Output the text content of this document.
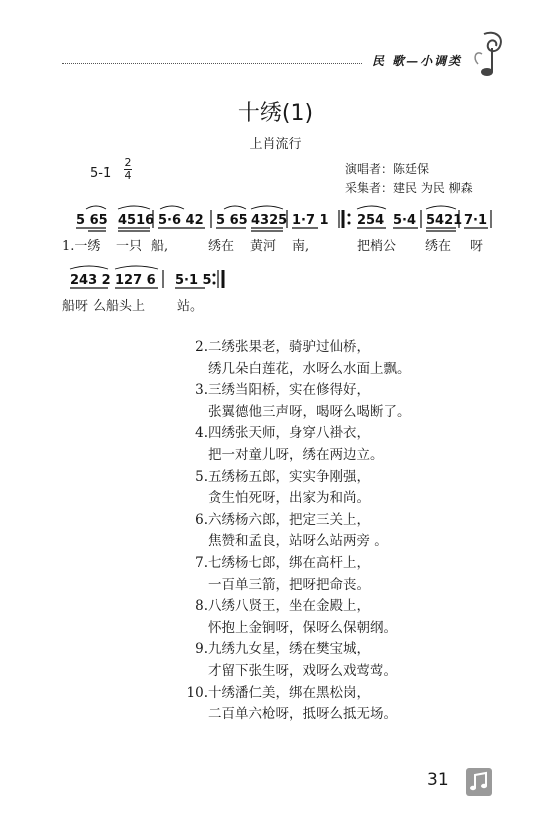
民 歌—小调类
十绣(1)
上肖流行
5-1̇
2
4	演唱者：陈廷保
采集者：建民 为民 柳森
5 65 4516 5·6 42 5 65 4325 1·7 1 254 5·4 5421 7·1
243 2 127 6 5·1 5
1.一绣 一只 船,	绣在 黄河 南,	把梢公 绣在 呀
船呀 么船头上 站。
2.二绣张果老，骑驴过仙桥，
绣几朵白莲花，水呀么水面上飘。
3.三绣当阳桥，实在修得好，
张翼德他三声呀，喝呀么喝断了。
4.四绣张天师，身穿八褂衣，
把一对童儿呀，绣在两边立。
5.五绣杨五郎，实实争刚强，
贪生怕死呀，出家为和尚。
6.六绣杨六郎，把定三关上，
焦赞和孟良，站呀么站两旁 。
7.七绣杨七郎，绑在高杆上，
一百单三箭，把呀把命丧。
8.八绣八贤王，坐在金殿上，
怀抱上金锏呀，保呀么保朝纲。
9.九绣九女星，绣在樊宝城，
才留下张生呀，戏呀么戏莺莺。
10.十绣潘仁美，绑在黑松岗，
二百单六枪呀，抵呀么抵无场。
31
